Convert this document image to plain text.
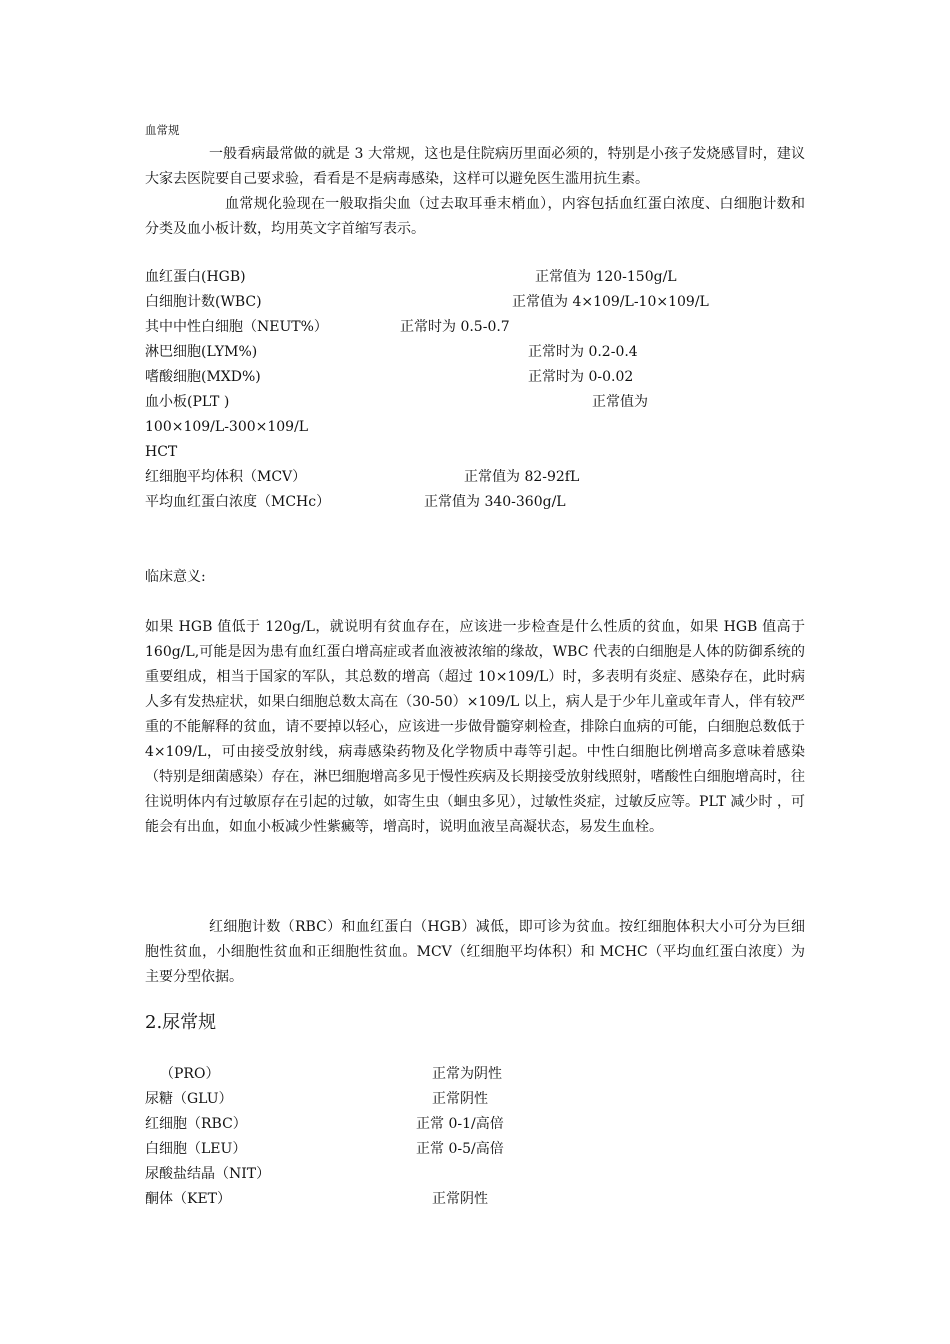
血常规
一般看病最常做的就是 3 大常规，这也是住院病历里面必须的，特别是小孩子发烧感冒时，建议大家去医院要自己要求验，看看是不是病毒感染，这样可以避免医生滥用抗生素。
血常规化验现在一般取指尖血（过去取耳垂末梢血），内容包括血红蛋白浓度、白细胞计数和分类及血小板计数，均用英文字首缩写表示。
血红蛋白(HGB)	正常值为 120-150g/L
白细胞计数(WBC)	正常值为 4×109/L-10×109/L
其中中性白细胞（NEUT%）	正常时为 0.5-0.7
淋巴细胞(LYM%)	正常时为 0.2-0.4
嗜酸细胞(MXD%)	正常时为 0-0.02
血小板(PLT )	正常值为
100×109/L-300×109/L
HCT
红细胞平均体积（MCV）	正常值为 82-92fL
平均血红蛋白浓度（MCHc）	正常值为 340-360g/L
临床意义:
如果 HGB 值低于 120g/L，就说明有贫血存在，应该进一步检查是什么性质的贫血，如果 HGB 值高于 160g/L,可能是因为患有血红蛋白增高症或者血液被浓缩的缘故，WBC 代表的白细胞是人体的防御系统的重要组成，相当于国家的军队，其总数的增高（超过 10×109/L）时，多表明有炎症、感染存在，此时病人多有发热症状，如果白细胞总数太高在（30-50）×109/L 以上，病人是于少年儿童或年青人，伴有较严重的不能解释的贫血，请不要掉以轻心，应该进一步做骨髓穿刺检查，排除白血病的可能，白细胞总数低于 4×109/L，可由接受放射线，病毒感染药物及化学物质中毒等引起。中性白细胞比例增高多意味着感染（特别是细菌感染）存在，淋巴细胞增高多见于慢性疾病及长期接受放射线照射，嗜酸性白细胞增高时，往往说明体内有过敏原存在引起的过敏，如寄生虫（蛔虫多见），过敏性炎症，过敏反应等。PLT 减少时 ，可能会有出血，如血小板减少性紫癜等，增高时，说明血液呈高凝状态，易发生血栓。
红细胞计数（RBC）和血红蛋白（HGB）减低，即可诊为贫血。按红细胞体积大小可分为巨细胞性贫血，小细胞性贫血和正细胞性贫血。MCV（红细胞平均体积）和 MCHC（平均血红蛋白浓度）为主要分型依据。
2.尿常规
（PRO）	正常为阴性
尿糖（GLU）	正常阴性
红细胞（RBC）	正常 0-1/高倍
白细胞（LEU）	正常 0-5/高倍
尿酸盐结晶（NIT）
酮体（KET）	正常阴性
